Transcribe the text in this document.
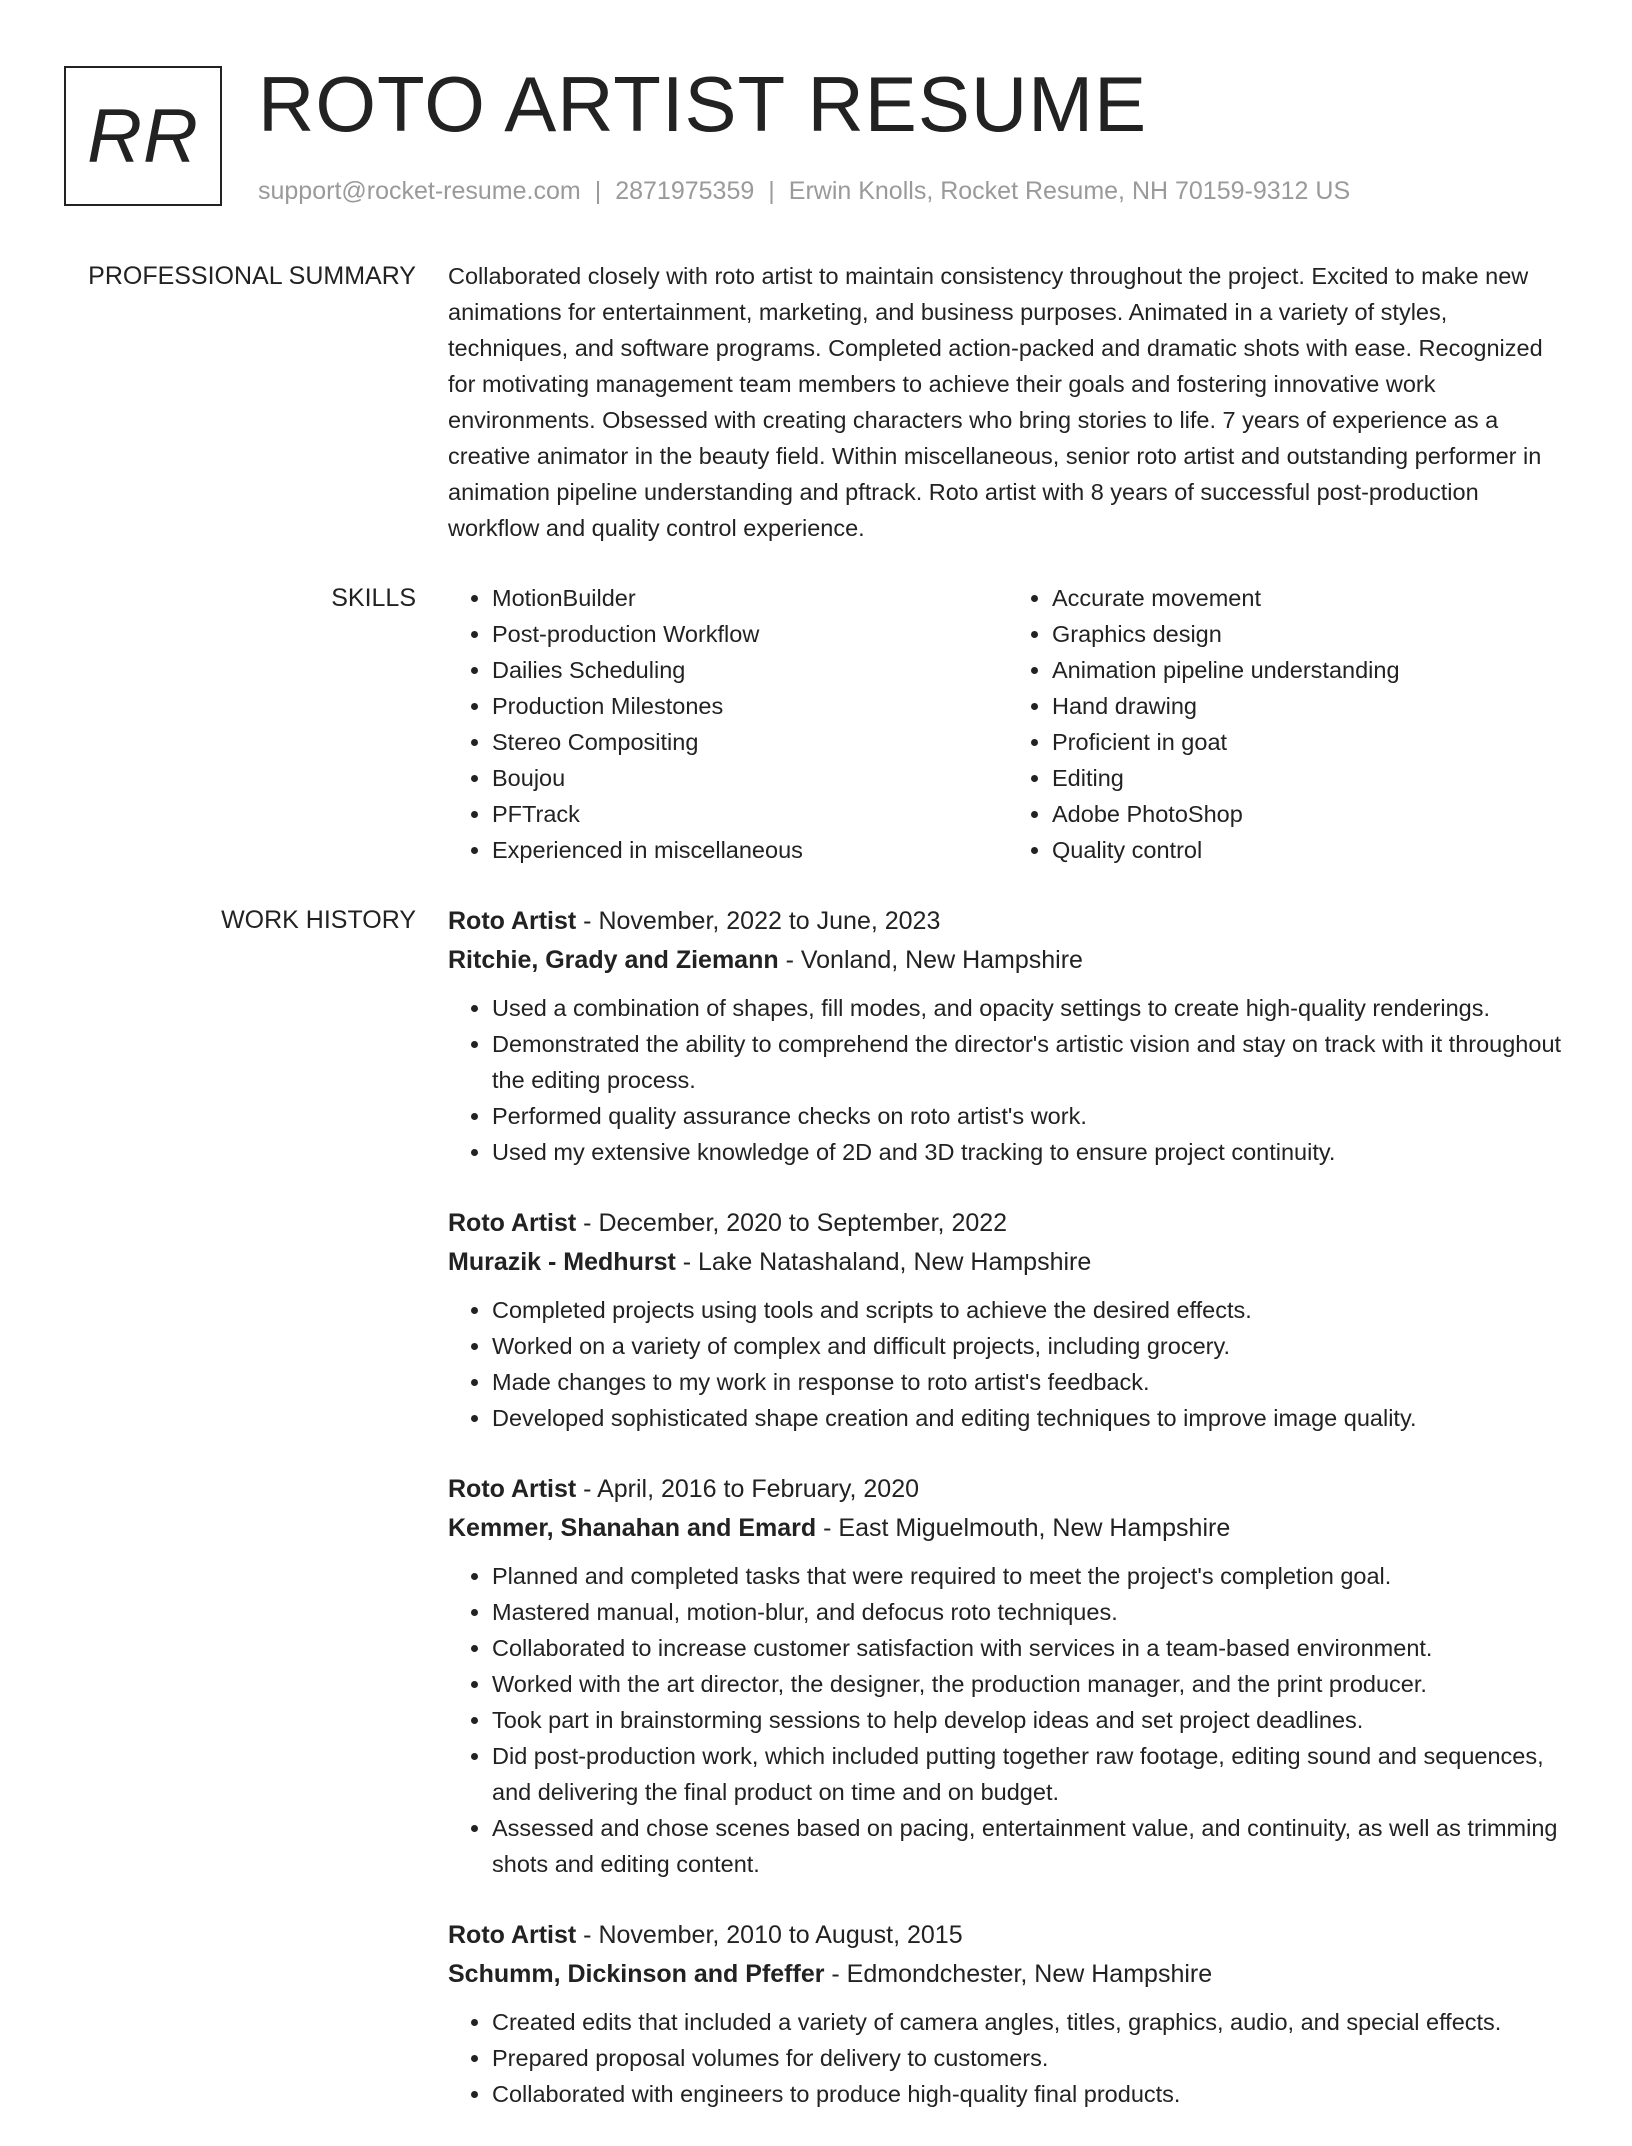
RR ROTO ARTIST RESUME
support@rocket-resume.com | 2871975359 | Erwin Knolls, Rocket Resume, NH 70159-9312 US
PROFESSIONAL SUMMARY Collaborated closely with roto artist to maintain consistency throughout the project. Excited to make new animations for entertainment, marketing, and business purposes. Animated in a variety of styles, techniques, and software programs. Completed action-packed and dramatic shots with ease. Recognized for motivating management team members to achieve their goals and fostering innovative work environments. Obsessed with creating characters who bring stories to life. 7 years of experience as a creative animator in the beauty field. Within miscellaneous, senior roto artist and outstanding performer in animation pipeline understanding and pftrack. Roto artist with 8 years of successful post-production workflow and quality control experience.

SKILLS
•	MotionBuilder
• Post-production Workflow
• Dailies Scheduling
• Production Milestones
• Stereo Compositing
• Boujou
• PFTrack
• Experienced in miscellaneous
• Accurate movement
• Graphics design
• Animation pipeline understanding
• Hand drawing
• Proficient in goat
• Editing
• Adobe PhotoShop
• Quality control
WORK HISTORY Roto Artist - November, 2022 to June, 2023
Ritchie, Grady and Ziemann - Vonland, New Hampshire
• Used a combination of shapes, fill modes, and opacity settings to create high-quality renderings.
• Demonstrated the ability to comprehend the director's artistic vision and stay on track with it throughout the editing process.
• Performed quality assurance checks on roto artist's work.
• Used my extensive knowledge of 2D and 3D tracking to ensure project continuity.
Roto Artist - December, 2020 to September, 2022
Murazik - Medhurst - Lake Natashaland, New Hampshire
• Completed projects using tools and scripts to achieve the desired effects.
• Worked on a variety of complex and difficult projects, including grocery.
• Made changes to my work in response to roto artist's feedback.
• Developed sophisticated shape creation and editing techniques to improve image quality.
Roto Artist - April, 2016 to February, 2020
Kemmer, Shanahan and Emard - East Miguelmouth, New Hampshire
• Planned and completed tasks that were required to meet the project's completion goal.
• Mastered manual, motion-blur, and defocus roto techniques.
• Collaborated to increase customer satisfaction with services in a team-based environment.
• Worked with the art director, the designer, the production manager, and the print producer.
• Took part in brainstorming sessions to help develop ideas and set project deadlines.
• Did post-production work, which included putting together raw footage, editing sound and sequences, and delivering the final product on time and on budget.
• Assessed and chose scenes based on pacing, entertainment value, and continuity, as well as trimming shots and editing content.
Roto Artist - November, 2010 to August, 2015
Schumm, Dickinson and Pfeffer - Edmondchester, New Hampshire
• Created edits that included a variety of camera angles, titles, graphics, audio, and special effects.
• Prepared proposal volumes for delivery to customers.
• Collaborated with engineers to produce high-quality final products.
